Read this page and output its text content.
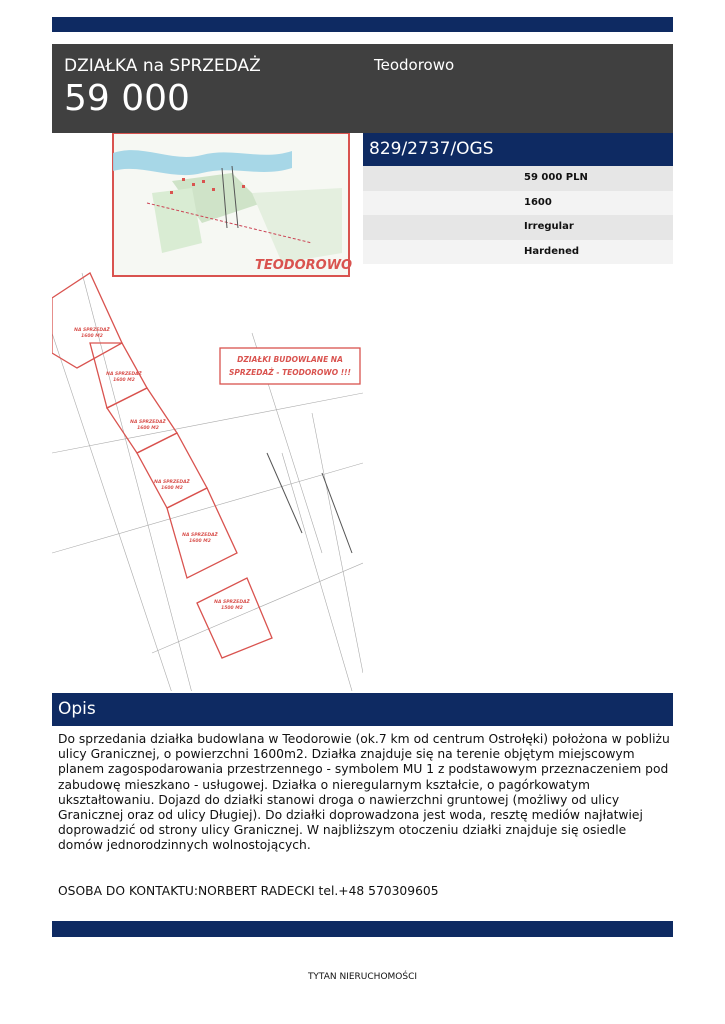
DZIAŁKA na SPRZEDAŻ
59 000
Teodorowo
TEODOROWO
NA SPRZEDAŻ
1600 M2
NA SPRZEDAŻ
1600 M2
NA SPRZEDAŻ
1600 M2
NA SPRZEDAŻ
1600 M2
NA SPRZEDAŻ
1600 M2
NA SPRZEDAŻ
1500 M2
DZIAŁKI BUDOWLANE NA
SPRZEDAŻ - TEODOROWO !!!
829/2737/OGS
59 000 PLN
1600
Irregular
Hardened
Opis

Do sprzedania działka budowlana w Teodorowie (ok.7 km od centrum Ostrołęki) położona w pobliżu ulicy Granicznej, o powierzchni 1600m2. Działka znajduje się na terenie objętym miejscowym planem zagospodarowania przestrzennego - symbolem MU 1 z podstawowym przeznaczeniem pod zabudowę mieszkano - usługowej. Działka o nieregularnym kształcie, o pagórkowatym ukształtowaniu. Dojazd do działki stanowi droga o nawierzchni gruntowej (możliwy od ulicy Granicznej oraz od ulicy Długiej). Do działki doprowadzona jest woda, resztę mediów najłatwiej doprowadzić od strony ulicy Granicznej. W najbliższym otoczeniu działki znajduje się osiedle domów jednorodzinnych wolnostojących.

OSOBA DO KONTAKTU:NORBERT RADECKI tel.+48 570309605
TYTAN NIERUCHOMOŚCI
